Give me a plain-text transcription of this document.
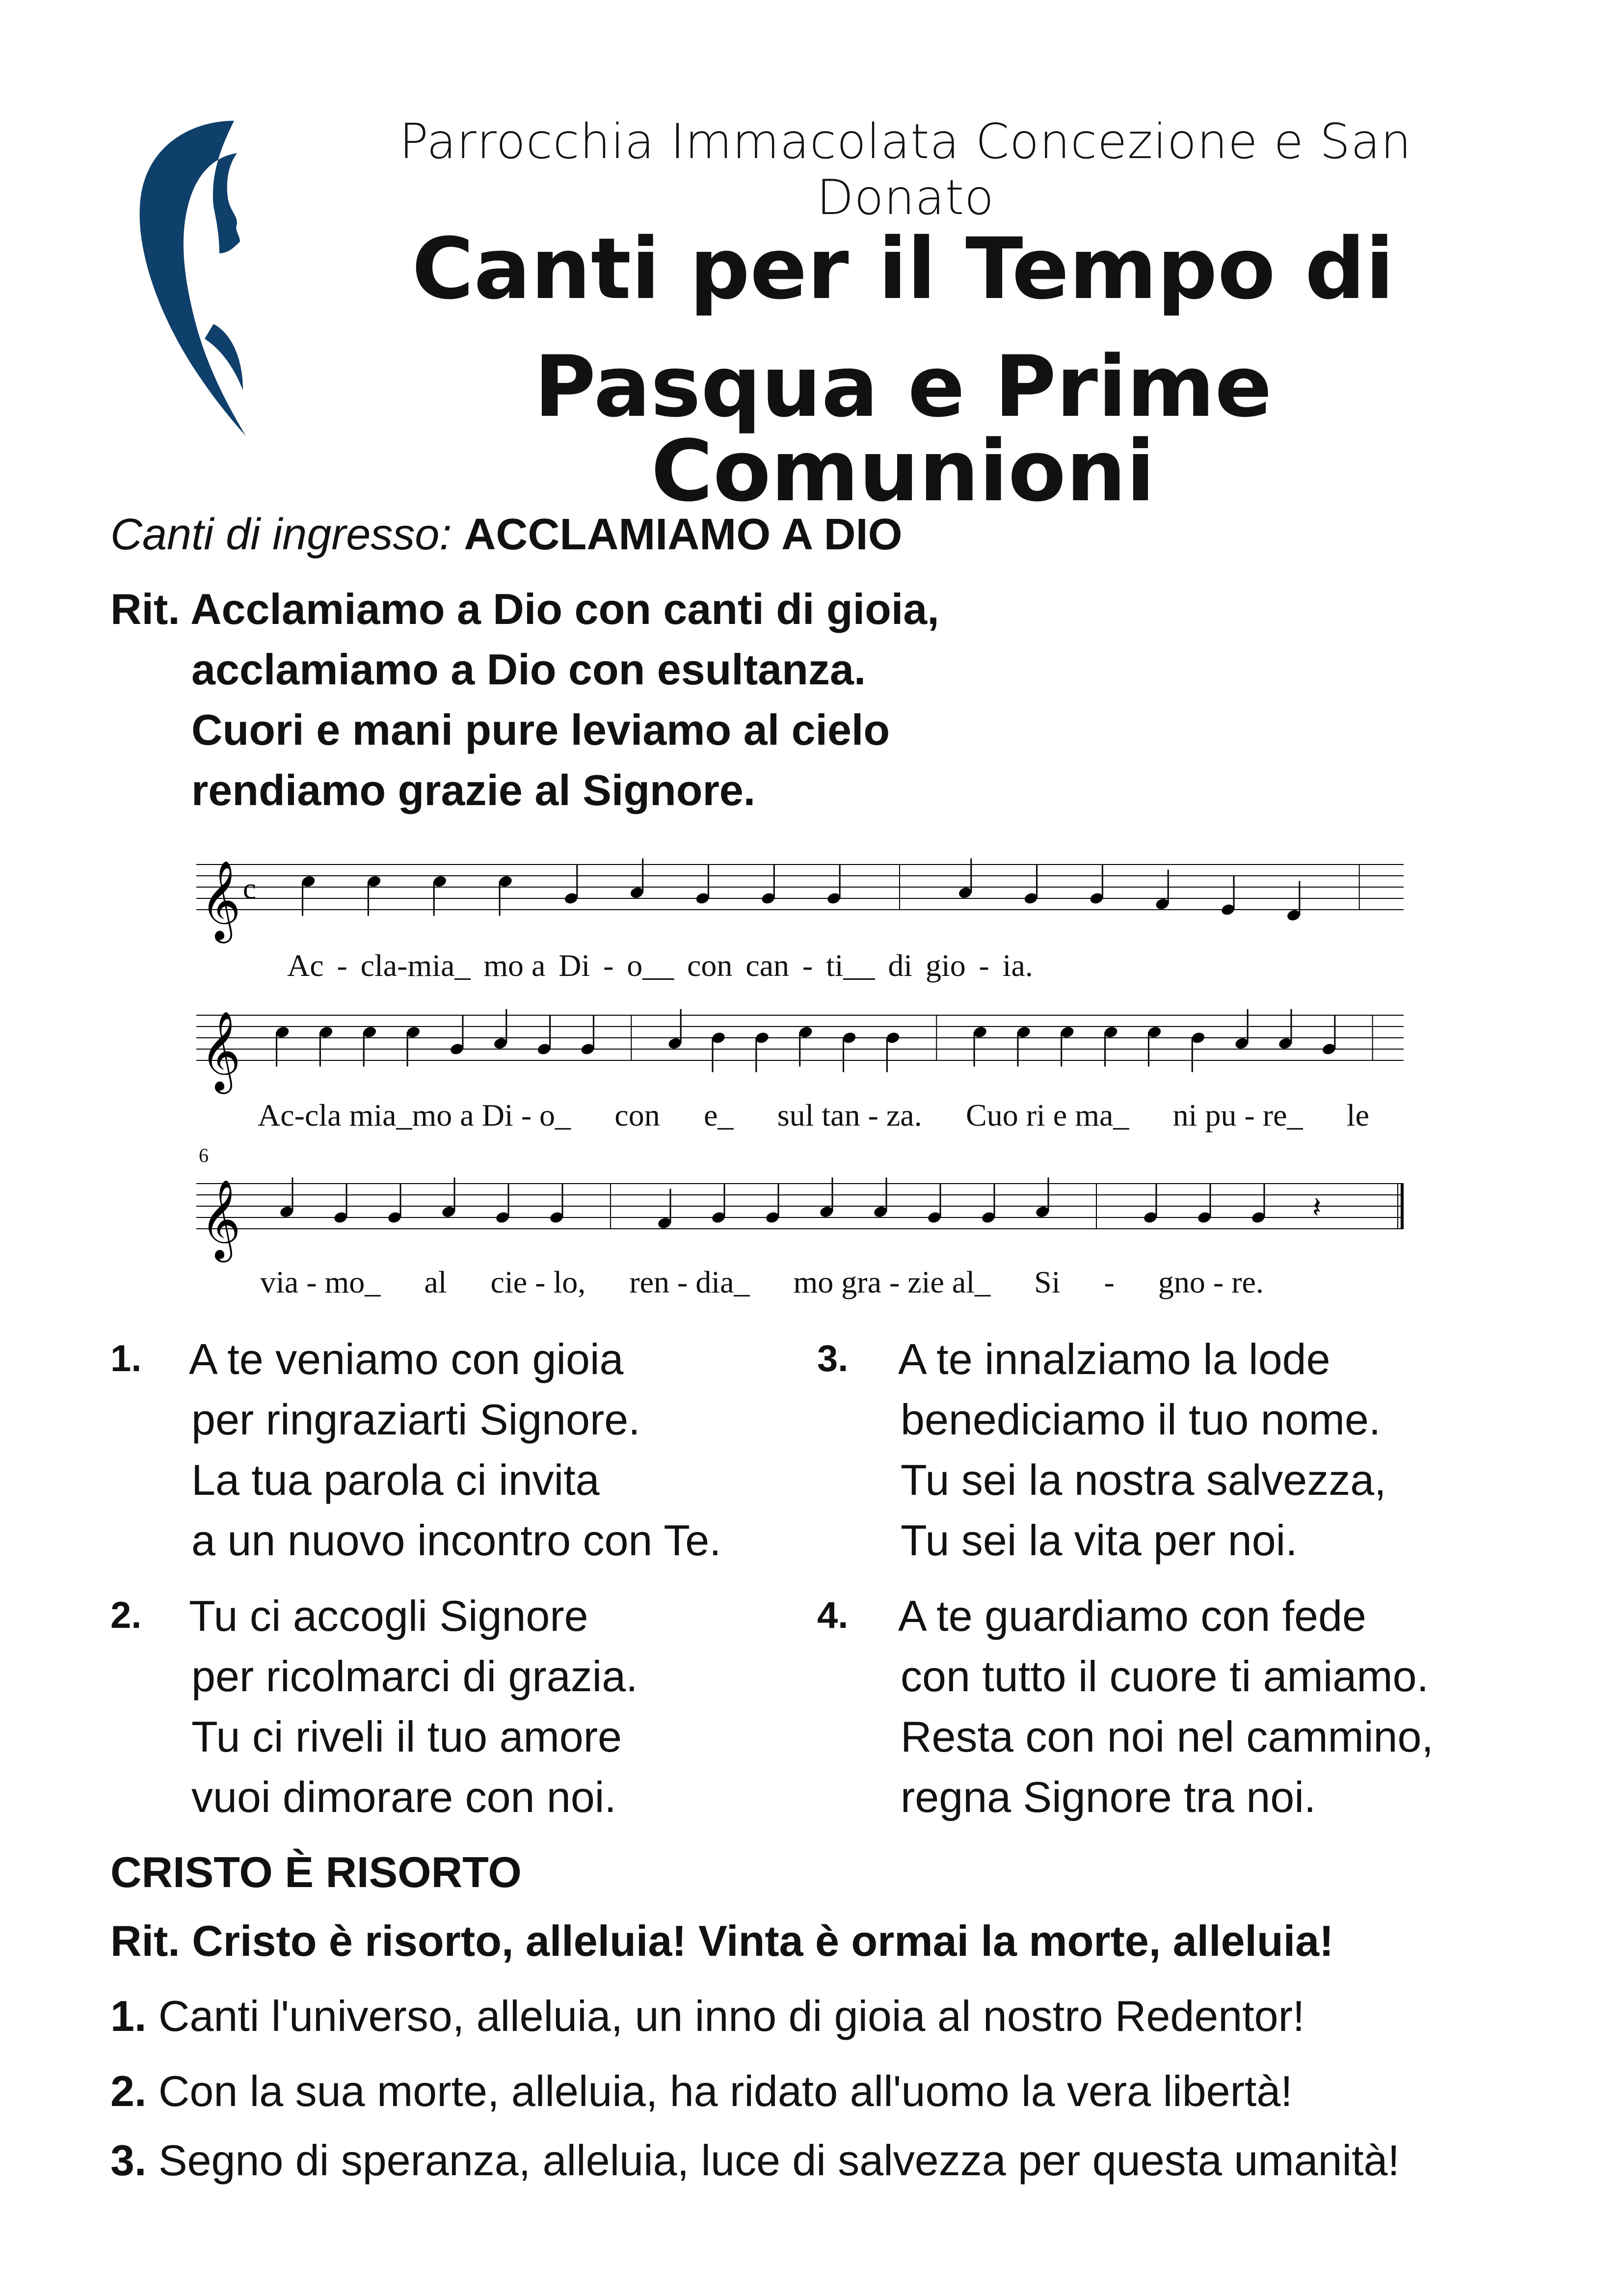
Parrocchia Immacolata Concezione e San Donato
Canti per il Tempo di
Pasqua e Prime Comunioni
Canti di ingresso: ACCLAMIAMO A DIO
Rit. Acclamiamo a Dio con canti di gioia,
acclamiamo a Dio con esultanza.
Cuori e mani pure leviamo al cielo
rendiamo grazie al Signore.
𝄞 c
𝄞
𝄞	𝄽
Ac - cla-mia_ mo a Di - o__ con can - ti__ di gio - ia.
Ac-cla mia_mo a Di - o_ con e_ sul tan - za. Cuo ri e ma_ ni pu - re_ le
via - mo_ al cie - lo, ren - dia_ mo gra - zie al_ Si - gno - re.
6
1. A te veniamo con gioia
per ringraziarti Signore.
La tua parola ci invita
a un nuovo incontro con Te.
2. Tu ci accogli Signore
per ricolmarci di grazia.
Tu ci riveli il tuo amore
vuoi dimorare con noi.
3. A te innalziamo la lode
benediciamo il tuo nome.
Tu sei la nostra salvezza,
Tu sei la vita per noi.
4. A te guardiamo con fede
con tutto il cuore ti amiamo.
Resta con noi nel cammino,
regna Signore tra noi.
CRISTO È RISORTO
Rit. Cristo è risorto, alleluia! Vinta è ormai la morte, alleluia!
1. Canti l'universo, alleluia, un inno di gioia al nostro Redentor!
2. Con la sua morte, alleluia, ha ridato all'uomo la vera libertà!
3. Segno di speranza, alleluia, luce di salvezza per questa umanità!
